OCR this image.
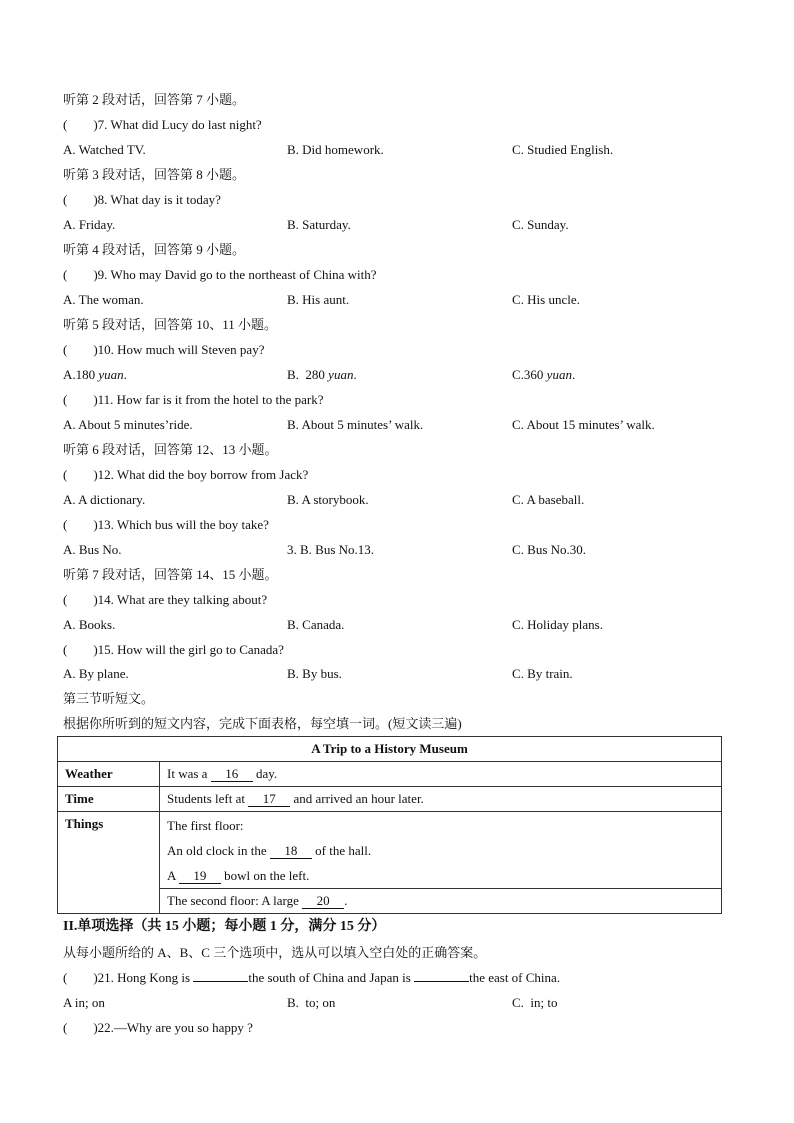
听第 2 段对话，回答第 7 小题。
(        )7. What did Lucy do last night?
A. Watched TV.	B. Did homework.	C. Studied English.
听第 3 段对话，回答第 8 小题。
(        )8. What day is it today?
A. Friday.	B. Saturday.	C. Sunday.
听第 4 段对话，回答第 9 小题。
(        )9. Who may David go to the northeast of China with?
A. The woman.	B. His aunt.	C. His uncle.
听第 5 段对话，回答第 10、11 小题。
(        )10. How much will Steven pay?
A.180 yuan.	B.  280 yuan.	C.360 yuan.
(        )11. How far is it from the hotel to the park?
A. About 5 minutes’ride.	B. About 5 minutes’ walk.	C. About 15 minutes’ walk.
听第 6 段对话，回答第 12、13 小题。
(        )12. What did the boy borrow from Jack?
A. A dictionary.	B. A storybook.	C. A baseball.
(        )13. Which bus will the boy take?
A. Bus No.	3. B. Bus No.13.	C. Bus No.30.
听第 7 段对话，回答第 14、15 小题。
(        )14. What are they talking about?
A. Books.	B. Canada.	C. Holiday plans.
(        )15. How will the girl go to Canada?
A. By plane.	B. By bus.	C. By train.
第三节听短文。
根据你所听到的短文内容，完成下面表格，每空填一词。(短文读三遍)
A Trip to a History Museum	
Weather	It was a 16 day.
Time	Students left at 17 and arrived an hour later.
Things	The first floor:
An old clock in the 18 of the hall.
A 19 bowl on the left.

	The second floor: A large 20 .
II.单项选择（共 15 小题；每小题 1 分，满分 15 分）
从每小题所给的 A、B、C 三个选项中，选从可以填入空白处的正确答案。
(        )21. Hong Kong is	the south of China and Japan is	the east of China.
A in; on	B.  to; on	C.  in; to
(        )22.—Why are you so happy ?
